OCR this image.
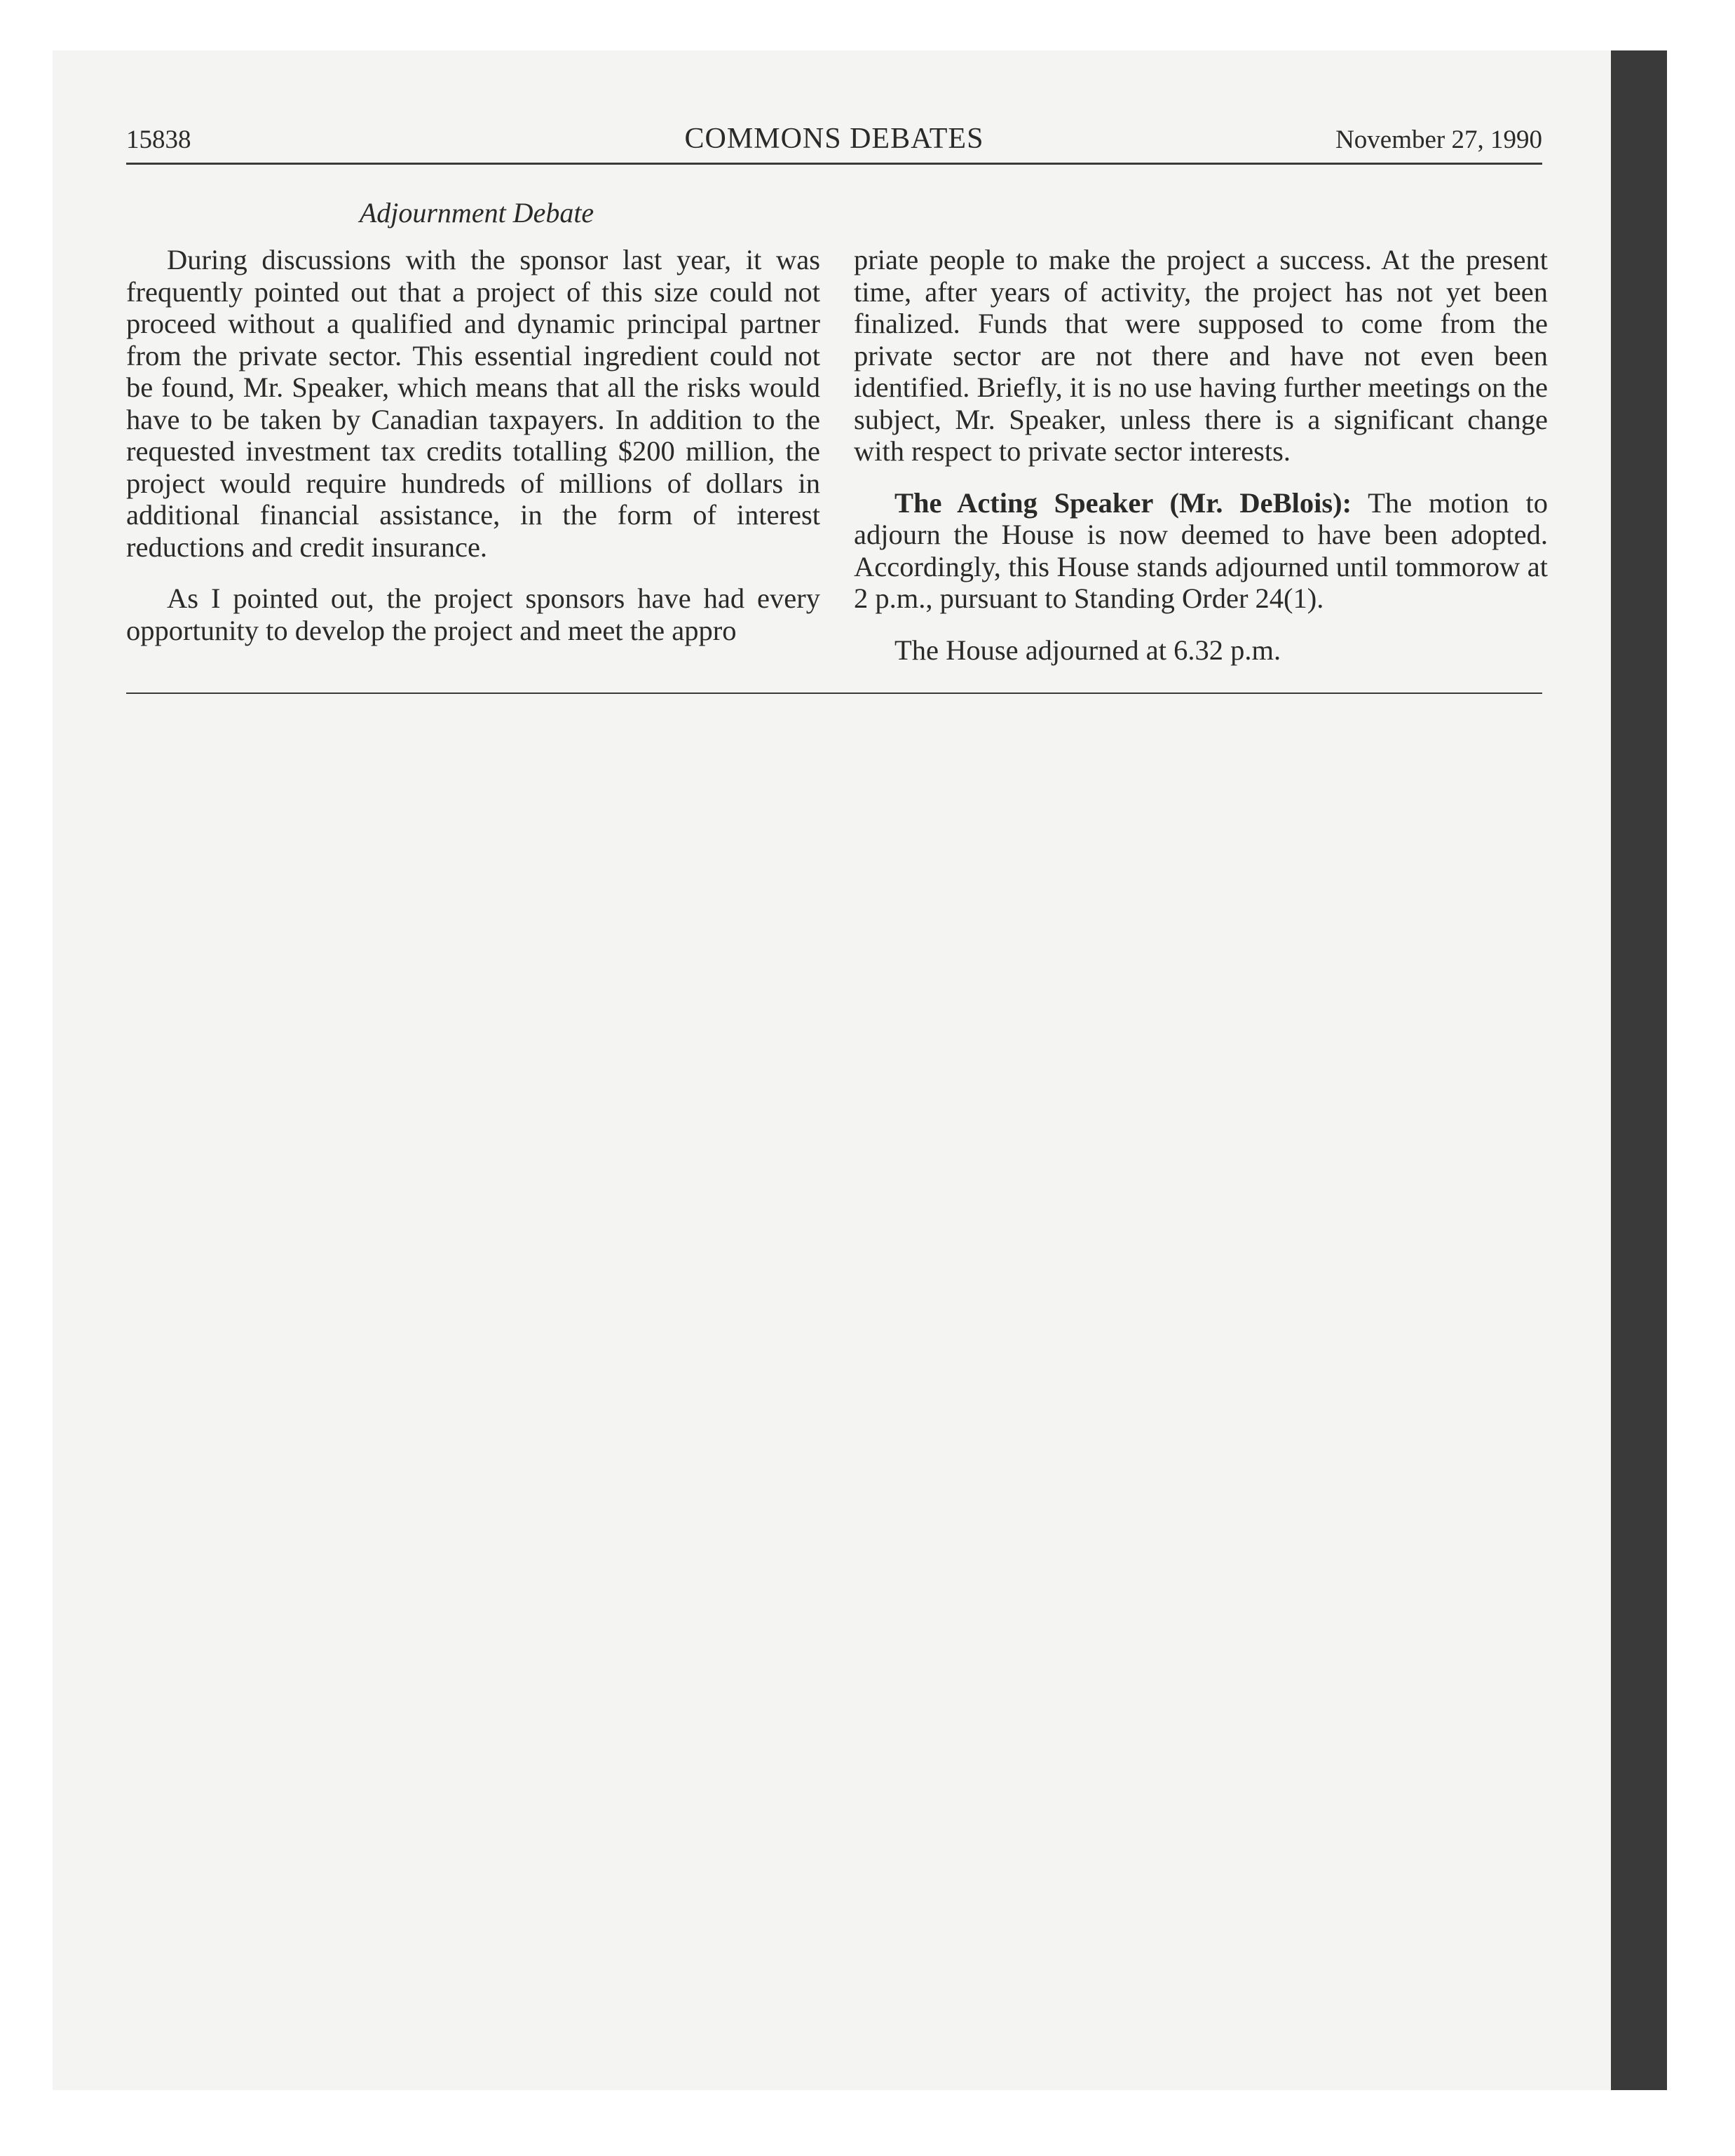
15838	COMMONS DEBATES	November 27, 1990
Adjournment Debate

During discussions with the sponsor last year, it was frequently pointed out that a project of this size could not proceed without a qualified and dynamic principal partner from the private sector. This essential ingredient could not be found, Mr. Speaker, which means that all the risks would have to be taken by Canadian taxpayers. In addition to the requested investment tax credits totalling $200 million, the project would require hundreds of millions of dollars in additional financial assistance, in the form of interest reductions and credit insurance.

As I pointed out, the project sponsors have had every opportunity to develop the project and meet the appro

priate people to make the project a success. At the present time, after years of activity, the project has not yet been finalized. Funds that were supposed to come from the private sector are not there and have not even been identified. Briefly, it is no use having further meetings on the subject, Mr. Speaker, unless there is a significant change with respect to private sector interests.

The Acting Speaker (Mr. DeBlois): The motion to adjourn the House is now deemed to have been adopted. Accordingly, this House stands adjourned until tommorow at 2 p.m., pursuant to Standing Order 24(1).

The House adjourned at 6.32 p.m.
